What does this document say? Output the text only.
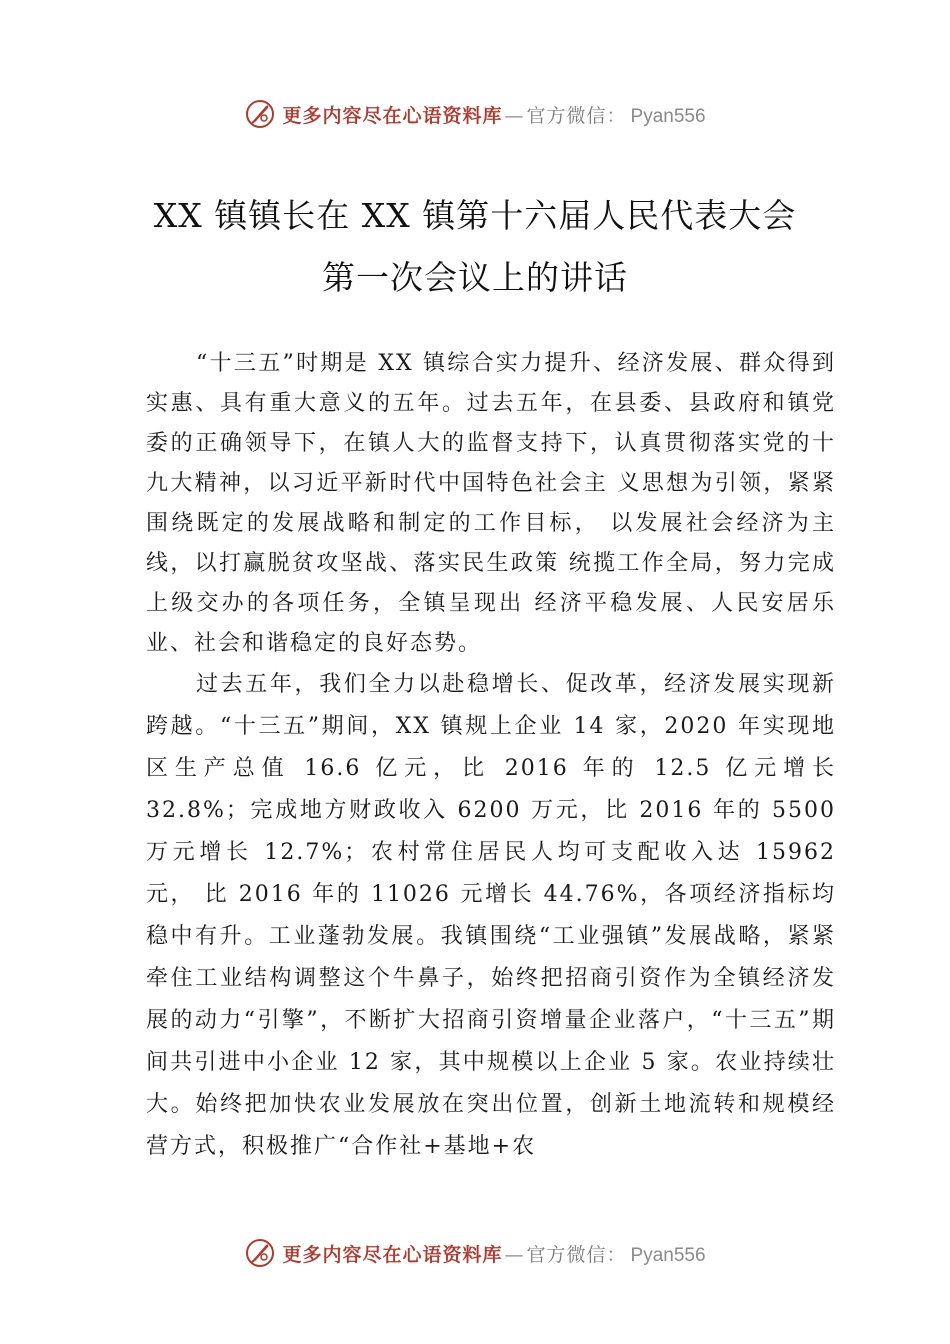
更多内容尽在心语资料库 — 官方微信： Pyan556
XX 镇镇长在 XX 镇第十六届人民代表大会
第一次会议上的讲话

“十三五”时期是 XX 镇综合实力提升、经济发展、群众得到实惠、具有重大意义的五年。过去五年，在县委、县政府和镇党委的正确领导下，在镇人大的监督支持下，认真贯彻落实党的十九大精神，以习近平新时代中国特色社会主 义思想为引领，紧紧围绕既定的发展战略和制定的工作目标， 以发展社会经济为主线，以打赢脱贫攻坚战、落实民生政策 统揽工作全局，努力完成上级交办的各项任务，全镇呈现出 经济平稳发展、人民安居乐业、社会和谐稳定的良好态势。

过去五年，我们全力以赴稳增长、促改革，经济发展实现新跨越。“十三五”期间，XX 镇规上企业 14 家，2020 年实现地区生产总值 16.6 亿元，比 2016 年的 12.5 亿元增长 32.8%；完成地方财政收入 6200 万元，比 2016 年的 5500 万元增长 12.7%；农村常住居民人均可支配收入达 15962 元， 比 2016 年的 11026 元增长 44.76%，各项经济指标均稳中有升。工业蓬勃发展。我镇围绕“工业强镇”发展战略，紧紧牵住工业结构调整这个牛鼻子，始终把招商引资作为全镇经济发展的动力“引擎”，不断扩大招商引资增量企业落户，“十三五”期间共引进中小企业 12 家，其中规模以上企业 5 家。农业持续壮大。始终把加快农业发展放在突出位置，创新土地流转和规模经营方式，积极推广“合作社+基地+农

更多内容尽在心语资料库 — 官方微信： Pyan556
